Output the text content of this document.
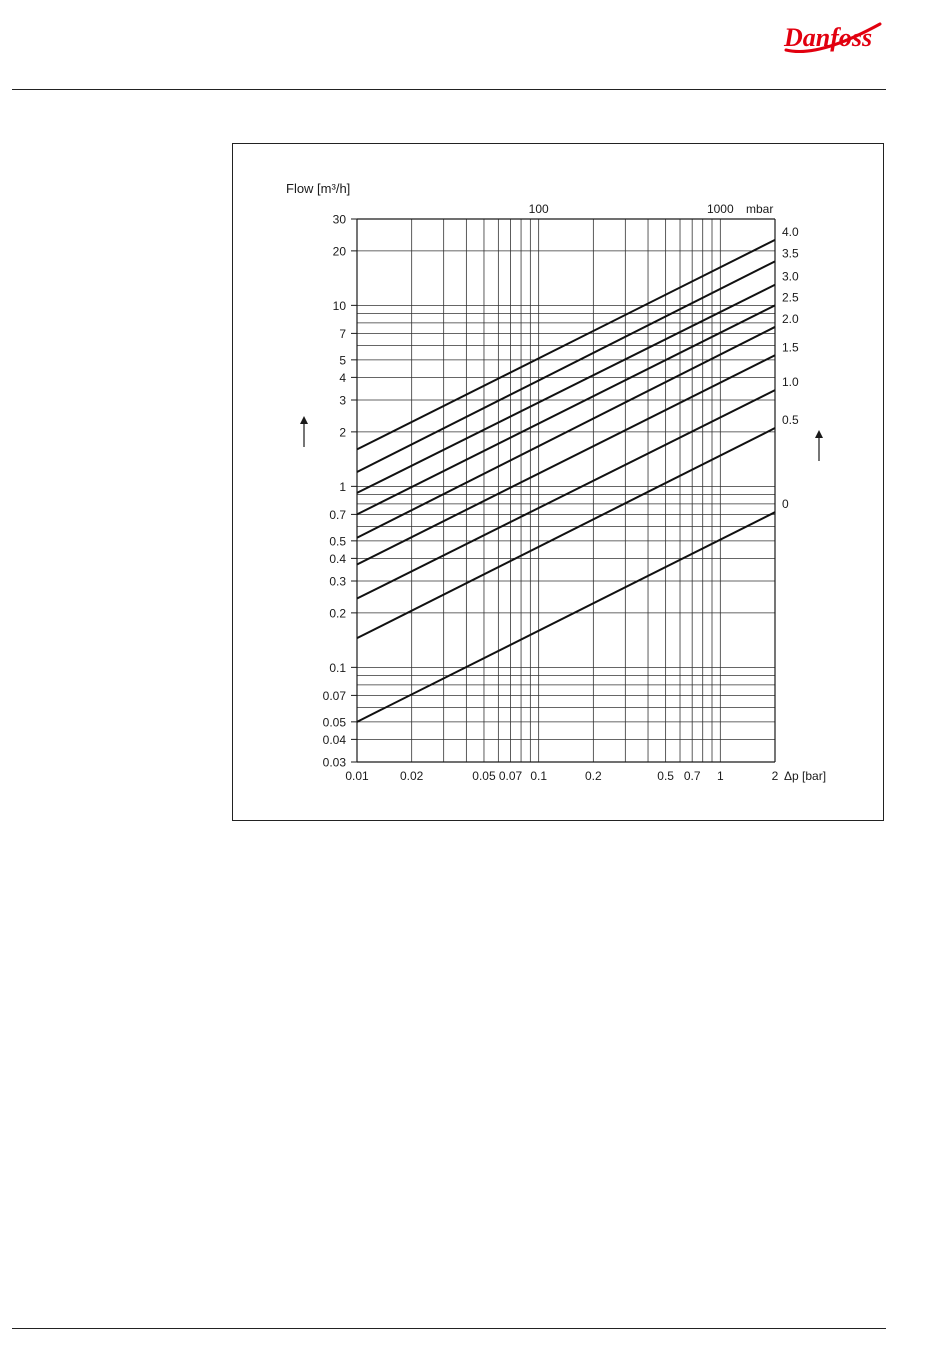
Danfoss
0.03
0.04
0.05
0.07
0.1
0.2
0.3
0.4
0.5
0.7
1
2
3
4
5
7
10
20
30
0.01	0.02	0.05 0.07 0.1	0.2	0.5 0.7 1	2
100	1000
4.0
3.5
3.0
2.5
2.0
1.5
1.0
0.5
0
Flow [m³/h]
mbar
Δp [bar]
